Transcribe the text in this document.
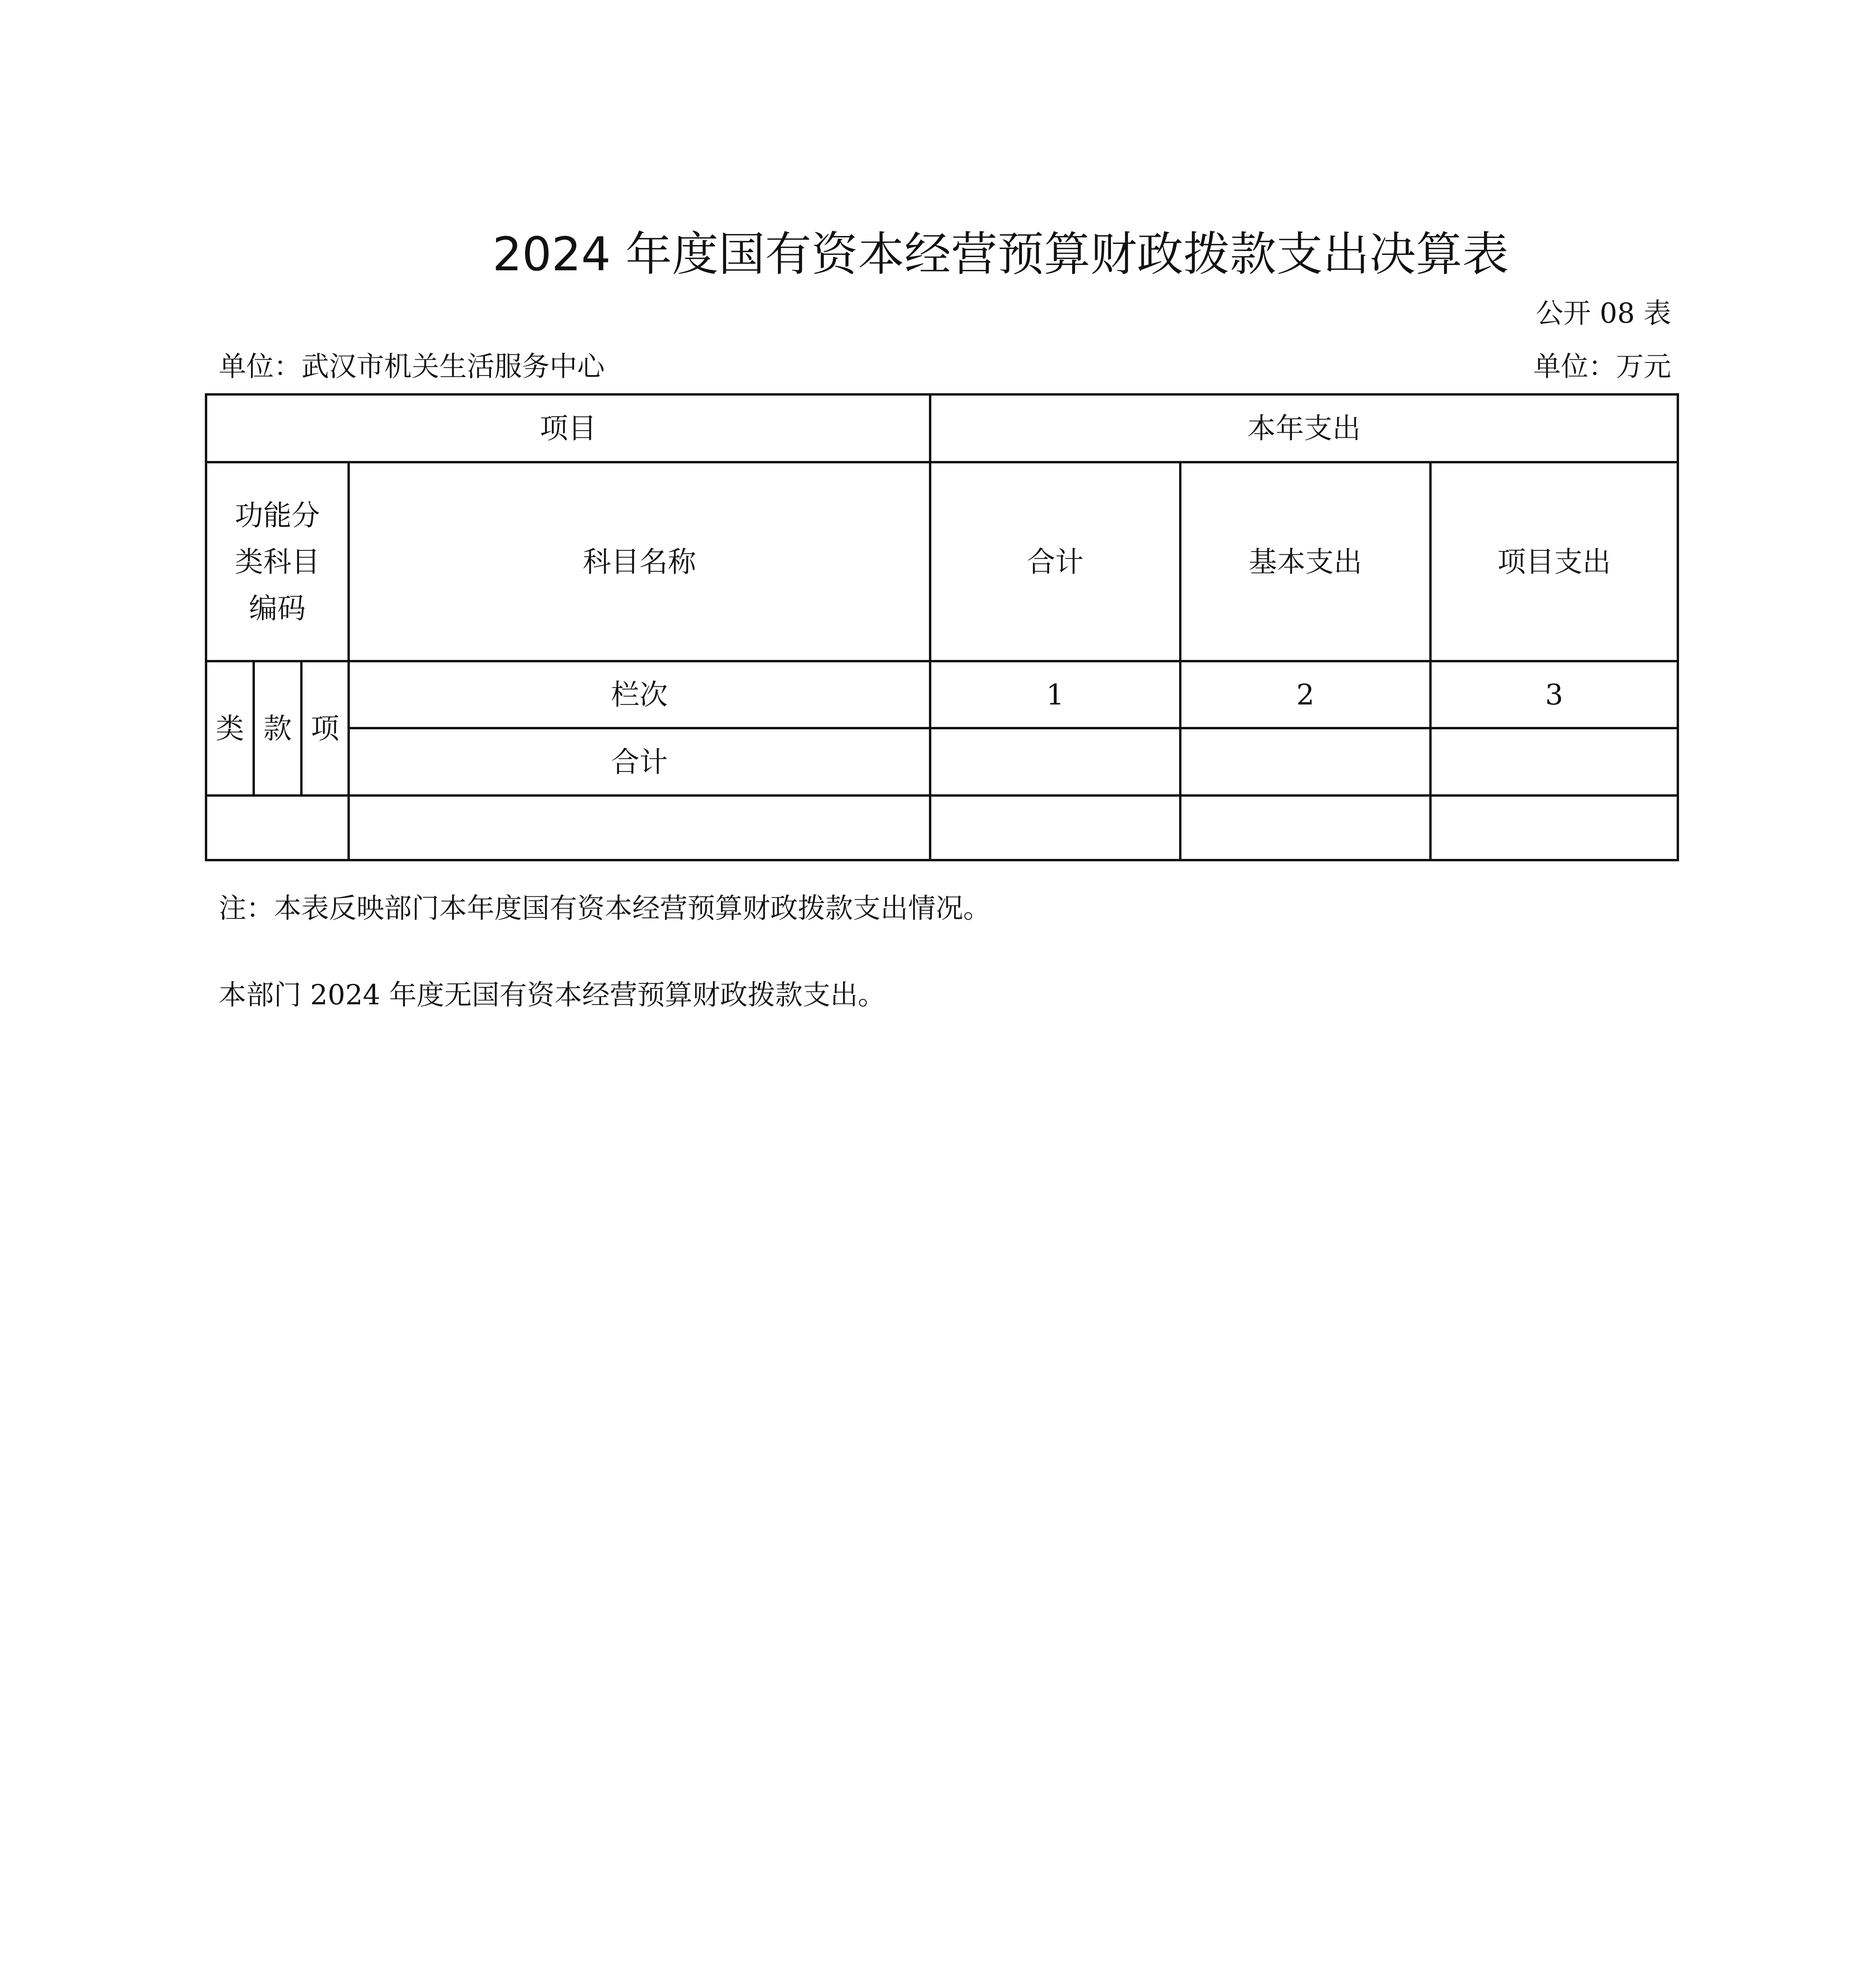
2024 年度国有资本经营预算财政拨款支出决算表
公开 08 表
单位：武汉市机关生活服务中心	单位：万元
项目	本年支出
功能分类科目编码
科目名称	合计	基本支出	项目支出
类 款 项
栏次	1	2	3
合计
注：本表反映部门本年度国有资本经营预算财政拨款支出情况。
本部门 2024 年度无国有资本经营预算财政拨款支出。
